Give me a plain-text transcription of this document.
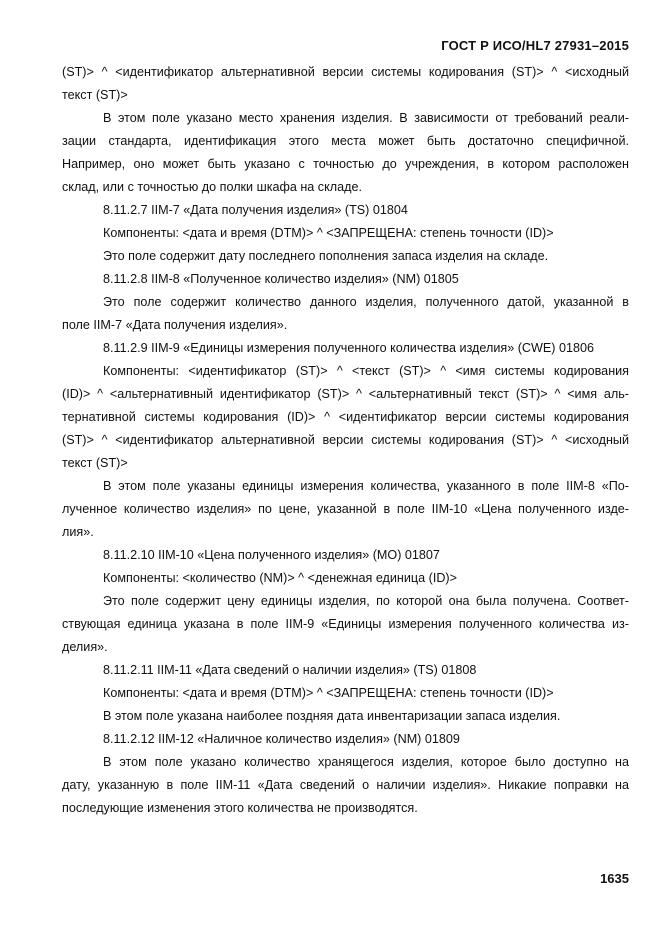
ГОСТ Р ИСО/HL7 27931–2015
(ST)> ^ <идентификатор альтернативной версии системы кодирования (ST)> ^ <исходный
текст (ST)>
В этом поле указано место хранения изделия. В зависимости от требований реали-
зации стандарта, идентификация этого места может быть достаточно специфичной.
Например, оно может быть указано с точностью до учреждения, в котором расположен
склад, или с точностью до полки шкафа на складе.
8.11.2.7 IIM-7 «Дата получения изделия» (TS) 01804
Компоненты: <дата и время (DTM)> ^ <ЗАПРЕЩЕНА: степень точности (ID)>
Это поле содержит дату последнего пополнения запаса изделия на складе.
8.11.2.8 IIM-8 «Полученное количество изделия» (NM) 01805
Это поле содержит количество данного изделия, полученного датой, указанной в
поле IIM-7 «Дата получения изделия».
8.11.2.9 IIM-9 «Единицы измерения полученного количества изделия» (CWE) 01806
Компоненты: <идентификатор (ST)> ^ <текст (ST)> ^ <имя системы кодирования
(ID)> ^ <альтернативный идентификатор (ST)> ^ <альтернативный текст (ST)> ^ <имя аль-
тернативной системы кодирования (ID)> ^ <идентификатор версии системы кодирования
(ST)> ^ <идентификатор альтернативной версии системы кодирования (ST)> ^ <исходный
текст (ST)>
В этом поле указаны единицы измерения количества, указанного в поле IIM-8 «По-
лученное количество изделия» по цене, указанной в поле IIM-10 «Цена полученного изде-
лия».
8.11.2.10 IIM-10 «Цена полученного изделия» (MO) 01807
Компоненты: <количество (NM)> ^ <денежная единица (ID)>
Это поле содержит цену единицы изделия, по которой она была получена. Соответ-
ствующая единица указана в поле IIM-9 «Единицы измерения полученного количества из-
делия».
8.11.2.11 IIM-11 «Дата сведений о наличии изделия» (TS) 01808
Компоненты: <дата и время (DTM)> ^ <ЗАПРЕЩЕНА: степень точности (ID)>
В этом поле указана наиболее поздняя дата инвентаризации запаса изделия.
8.11.2.12 IIM-12 «Наличное количество изделия» (NM) 01809
В этом поле указано количество хранящегося изделия, которое было доступно на
дату, указанную в поле IIM-11 «Дата сведений о наличии изделия». Никакие поправки на
последующие изменения этого количества не производятся.
1635
